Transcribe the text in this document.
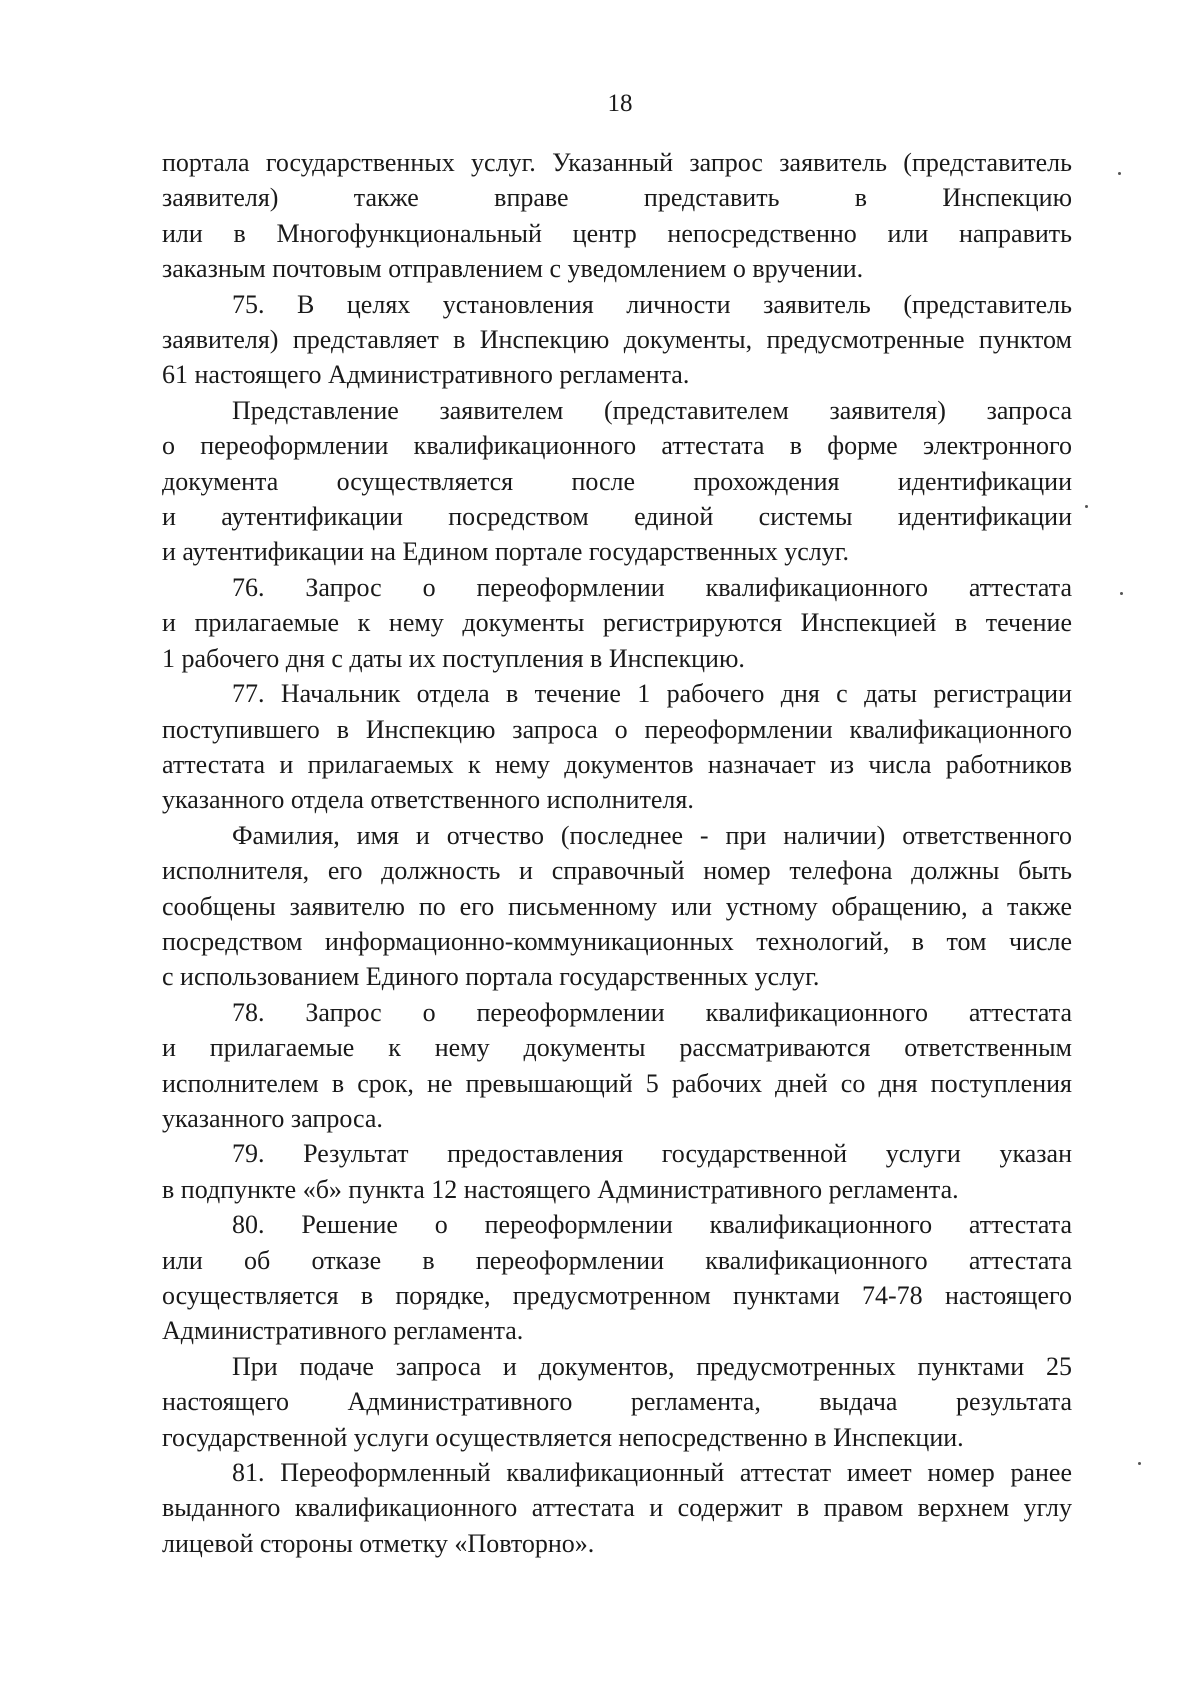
18

портала государственных услуг. Указанный запрос заявитель (представитель
заявителя) также вправе представить в Инспекцию
или в Многофункциональный центр непосредственно или направить
заказным почтовым отправлением с уведомлением о вручении.

75. В целях установления личности заявитель (представитель
заявителя) представляет в Инспекцию документы, предусмотренные пунктом
61 настоящего Административного регламента.

Представление заявителем (представителем заявителя) запроса
о переоформлении квалификационного аттестата в форме электронного
документа осуществляется после прохождения идентификации
и аутентификации посредством единой системы идентификации
и аутентификации на Едином портале государственных услуг.

76. Запрос о переоформлении квалификационного аттестата
и прилагаемые к нему документы регистрируются Инспекцией в течение
1 рабочего дня с даты их поступления в Инспекцию.

77. Начальник отдела в течение 1 рабочего дня с даты регистрации
поступившего в Инспекцию запроса о переоформлении квалификационного
аттестата и прилагаемых к нему документов назначает из числа работников
указанного отдела ответственного исполнителя.

Фамилия, имя и отчество (последнее - при наличии) ответственного
исполнителя, его должность и справочный номер телефона должны быть
сообщены заявителю по его письменному или устному обращению, а также
посредством информационно-коммуникационных технологий, в том числе
с использованием Единого портала государственных услуг.

78. Запрос о переоформлении квалификационного аттестата
и прилагаемые к нему документы рассматриваются ответственным
исполнителем в срок, не превышающий 5 рабочих дней со дня поступления
указанного запроса.

79. Результат предоставления государственной услуги указан
в подпункте «б» пункта 12 настоящего Административного регламента.

80. Решение о переоформлении квалификационного аттестата
или об отказе в переоформлении квалификационного аттестата
осуществляется в порядке, предусмотренном пунктами 74-78 настоящего
Административного регламента.

При подаче запроса и документов, предусмотренных пунктами 25
настоящего Административного регламента, выдача результата
государственной услуги осуществляется непосредственно в Инспекции.

81. Переоформленный квалификационный аттестат имеет номер ранее
выданного квалификационного аттестата и содержит в правом верхнем углу
лицевой стороны отметку «Повторно».
